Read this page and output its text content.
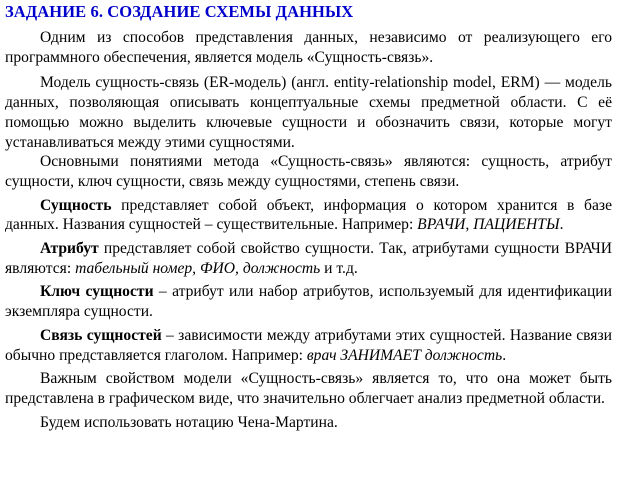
ЗАДАНИЕ 6. СОЗДАНИЕ СХЕМЫ ДАННЫХ

Одним из способов представления данных, независимо от реализующего его программного обеспечения, является модель «Сущность-связь».

Модель сущность-связь (ER-модель) (англ. entity-relationship model, ERM) — модель данных, позволяющая описывать концептуальные схемы предметной области. С её помощью можно выделить ключевые сущности и обозначить связи, которые могут устанавливаться между этими сущностями.

Основными понятиями метода «Сущность-связь» являются: сущность, атрибут сущности, ключ сущности, связь между сущностями, степень связи.

Сущность представляет собой объект, информация о котором хранится в базе данных. Названия сущностей – существительные. Например: ВРАЧИ, ПАЦИЕНТЫ.

Атрибут представляет собой свойство сущности. Так, атрибутами сущности ВРАЧИ являются: табельный номер, ФИО, должность и т.д.

Ключ сущности – атрибут или набор атрибутов, используемый для идентификации экземпляра сущности.

Связь сущностей – зависимости между атрибутами этих сущностей. Название связи обычно представляется глаголом. Например: врач ЗАНИМАЕТ должность.

Важным свойством модели «Сущность-связь» является то, что она может быть представлена в графическом виде, что значительно облегчает анализ предметной области.

Будем использовать нотацию Чена-Мартина.
